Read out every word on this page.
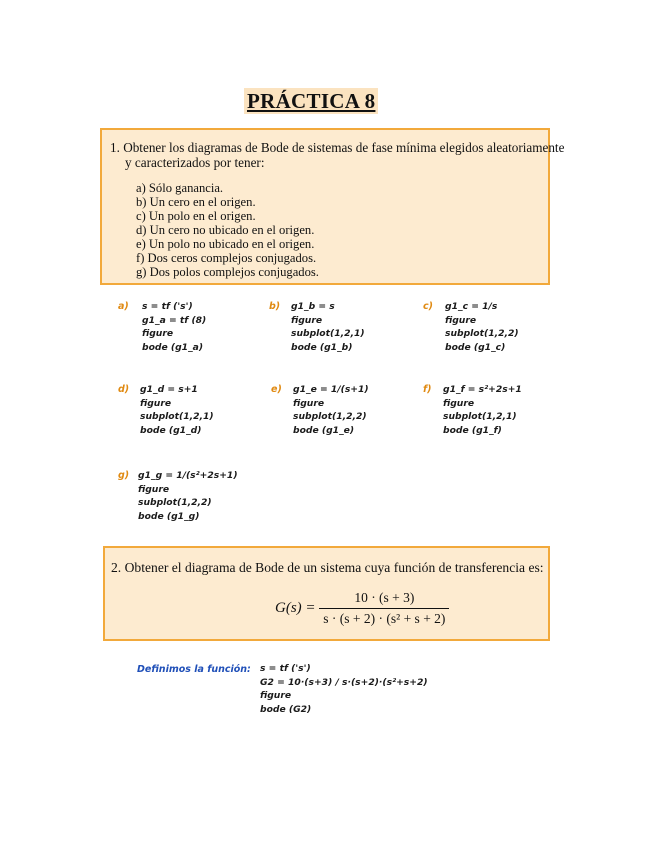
PRÁCTICA 8
1. Obtener los diagramas de Bode de sistemas de fase mínima elegidos aleatoriamente
y caracterizados por tener:
a) Sólo ganancia.
b) Un cero en el origen.
c) Un polo en el origen.
d) Un cero no ubicado en el origen.
e) Un polo no ubicado en el origen.
f) Dos ceros complejos conjugados.
g) Dos polos complejos conjugados.
a) s = tf ('s')
g1_a = tf (8)
figure
bode (g1_a)
b) g1_b = s
figure
subplot(1,2,1)
bode (g1_b)
c) g1_c = 1/s
figure
subplot(1,2,2)
bode (g1_c)
d) g1_d = s+1
figure
subplot(1,2,1)
bode (g1_d)
e) g1_e = 1/(s+1)
figure
subplot(1,2,2)
bode (g1_e)
f) g1_f = s²+2s+1
figure
subplot(1,2,1)
bode (g1_f)
g) g1_g = 1/(s²+2s+1)
figure
subplot(1,2,2)
bode (g1_g)
2. Obtener el diagrama de Bode de un sistema cuya función de transferencia es:
$G(s) = \frac{10 \cdot (s + 3)}{\text{s · (s + 2) · (s² + s + 2)}}$
Definimos la función: s = tf ('s')
G2 = 10·(s+3) / s·(s+2)·(s²+s+2)
figure
bode (G2)
